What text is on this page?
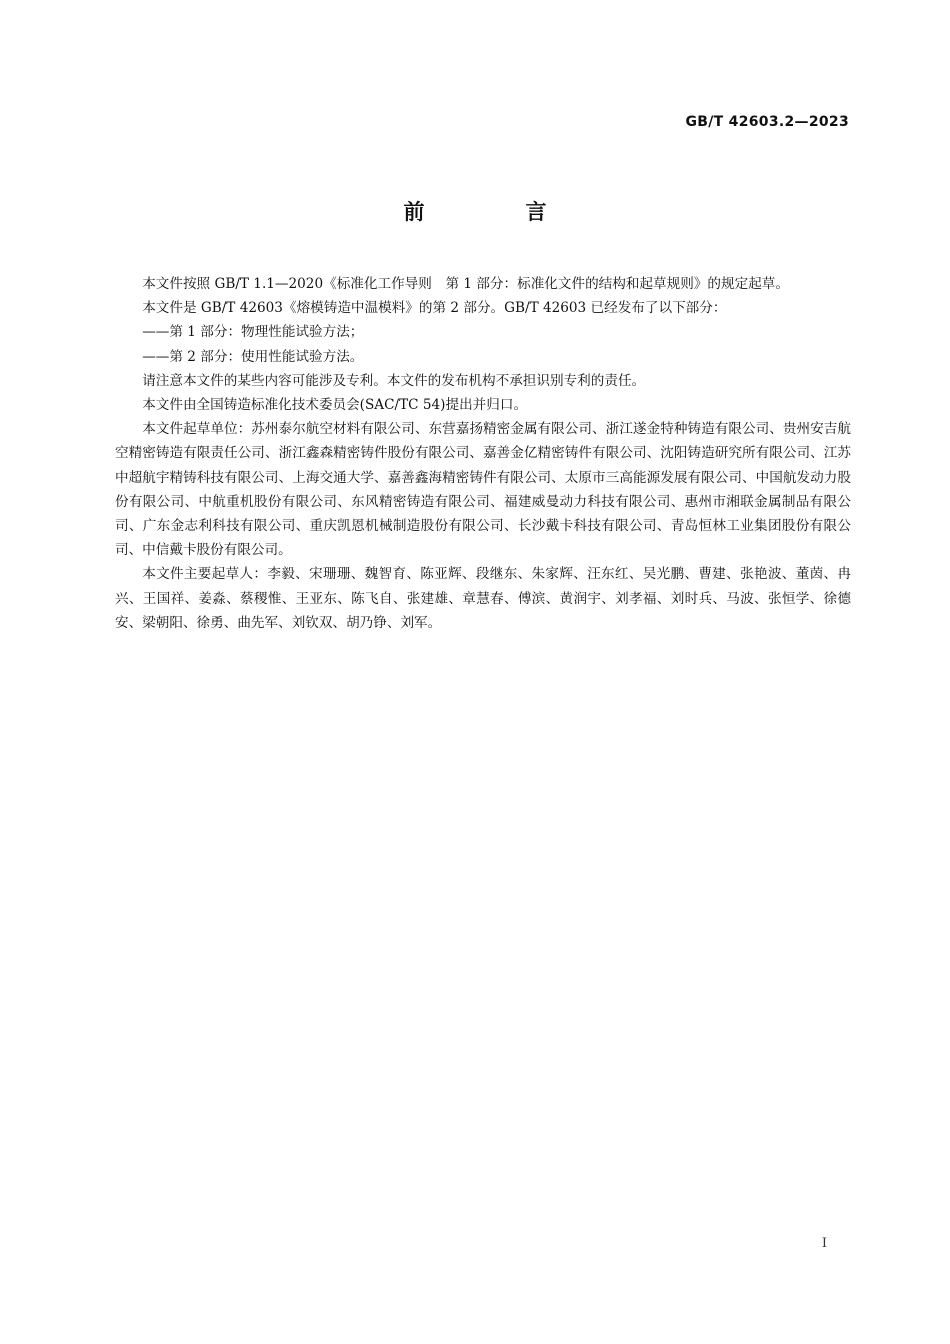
GB/T 42603.2—2023
前　言

本文件按照 GB/T 1.1—2020《标准化工作导则　第 1 部分：标准化文件的结构和起草规则》的规定起草。

本文件是 GB/T 42603《熔模铸造中温模料》的第 2 部分。GB/T 42603 已经发布了以下部分：

——第 1 部分：物理性能试验方法；

——第 2 部分：使用性能试验方法。

请注意本文件的某些内容可能涉及专利。本文件的发布机构不承担识别专利的责任。

本文件由全国铸造标准化技术委员会(SAC/TC 54)提出并归口。

本文件起草单位：苏州泰尔航空材料有限公司、东营嘉扬精密金属有限公司、浙江遂金特种铸造有限公司、贵州安吉航空精密铸造有限责任公司、浙江鑫森精密铸件股份有限公司、嘉善金亿精密铸件有限公司、沈阳铸造研究所有限公司、江苏中超航宇精铸科技有限公司、上海交通大学、嘉善鑫海精密铸件有限公司、太原市三高能源发展有限公司、中国航发动力股份有限公司、中航重机股份有限公司、东风精密铸造有限公司、福建威曼动力科技有限公司、惠州市湘联金属制品有限公司、广东金志利科技有限公司、重庆凯恩机械制造股份有限公司、长沙戴卡科技有限公司、青岛恒林工业集团股份有限公司、中信戴卡股份有限公司。

本文件主要起草人：李毅、宋珊珊、魏智育、陈亚辉、段继东、朱家辉、汪东红、吴光鹏、曹建、张艳波、董茵、冉兴、王国祥、姜淼、蔡稷惟、王亚东、陈飞自、张建雄、章慧春、傅滨、黄润宇、刘孝福、刘时兵、马波、张恒学、徐德安、梁朝阳、徐勇、曲先军、刘钦双、胡乃铮、刘军。

I
